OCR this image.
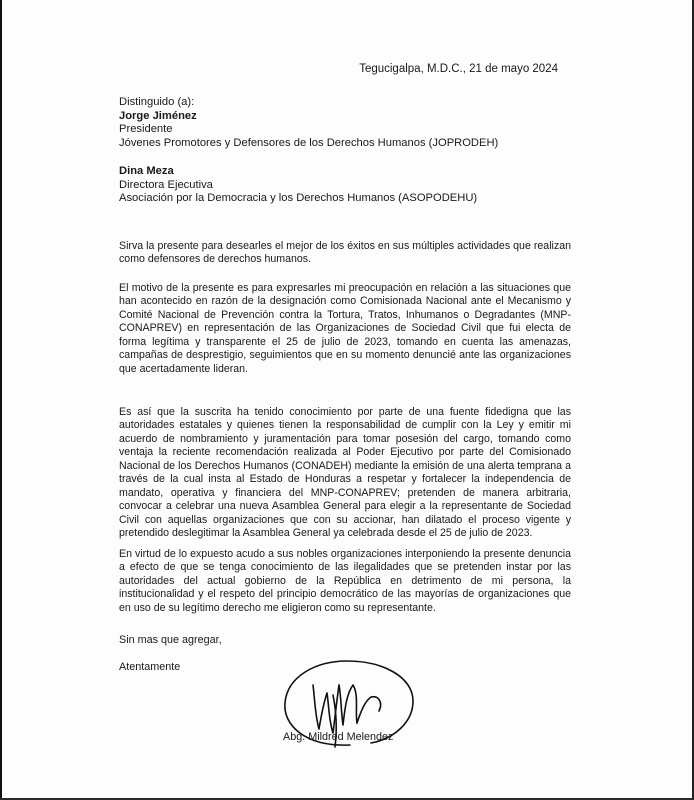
Tegucigalpa, M.D.C., 21 de mayo 2024
Distinguido (a):
Jorge Jiménez
Presidente
Jóvenes Promotores y Defensores de los Derechos Humanos (JOPRODEH)
Dina Meza
Directora Ejecutiva
Asociación por la Democracia y los Derechos Humanos (ASOPODEHU)

Sirva la presente para desearles el mejor de los éxitos en sus múltiples actividades que realizan como defensores de derechos humanos.

El motivo de la presente es para expresarles mi preocupación en relación a las situaciones que han acontecido en razón de la designación como Comisionada Nacional ante el Mecanismo y Comité Nacional de Prevención contra la Tortura, Tratos, Inhumanos o Degradantes (MNP-CONAPREV) en representación de las Organizaciones de Sociedad Civil que fui electa de forma legítima y transparente el 25 de julio de 2023, tomando en cuenta las amenazas, campañas de desprestigio, seguimientos que en su momento denuncié ante las organizaciones que acertadamente lideran.

Es así que la suscrita ha tenido conocimiento por parte de una fuente fidedigna que las autoridades estatales y quienes tienen la responsabilidad de cumplir con la Ley y emitir mi acuerdo de nombramiento y juramentación para tomar posesión del cargo, tomando como ventaja la reciente recomendación realizada al Poder Ejecutivo por parte del Comisionado Nacional de los Derechos Humanos (CONADEH) mediante la emisión de una alerta temprana a través de la cual insta al Estado de Honduras a respetar y fortalecer la independencia de mandato, operativa y financiera del MNP-CONAPREV; pretenden de manera arbitraria, convocar a celebrar una nueva Asamblea General para elegir a la representante de Sociedad Civil con aquellas organizaciones que con su accionar, han dilatado el proceso vigente y pretendido deslegitimar la Asamblea General ya celebrada desde el 25 de julio de 2023.

En virtud de lo expuesto acudo a sus nobles organizaciones interponiendo la presente denuncia a efecto de que se tenga conocimiento de las ilegalidades que se pretenden instar por las autoridades del actual gobierno de la República en detrimento de mi persona, la institucionalidad y el respeto del principio democrático de las mayorías de organizaciones que en uso de su legítimo derecho me eligieron como su representante.

Sin mas que agregar,
Atentamente
Abg. Mildred Melendez
